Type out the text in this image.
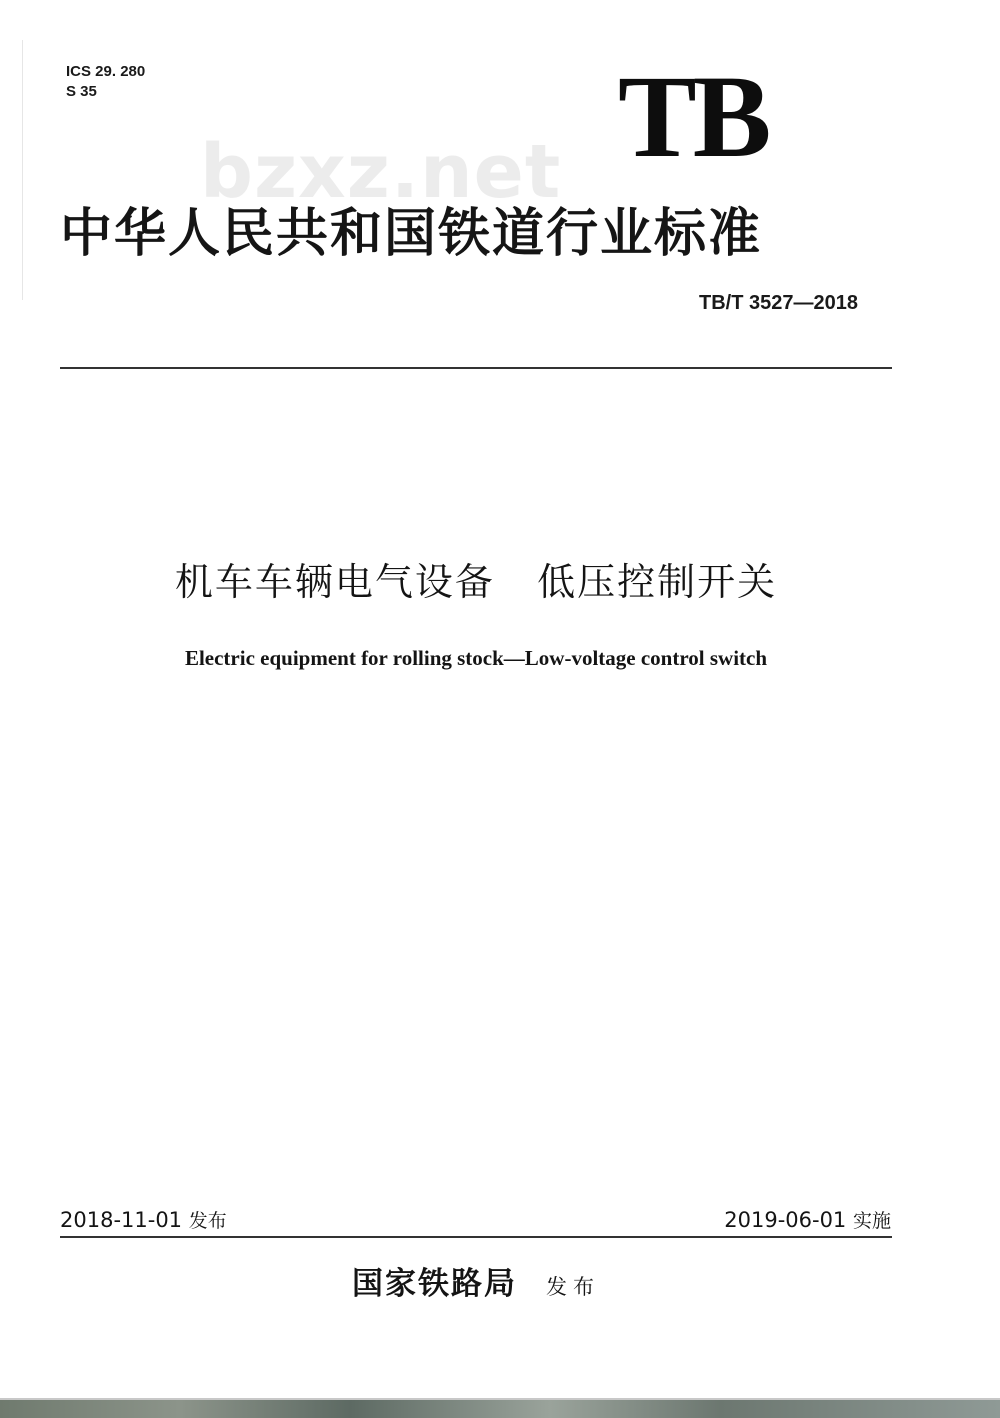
ICS 29. 280
S 35	TB
bzxz.net
中华人民共和国铁道行业标准
TB/T 3527—2018
机车车辆电气设备   低压控制开关
Electric equipment for rolling stock—Low-voltage control switch
2018-11-01 发布	2019-06-01 实施
国家铁路局 发布
